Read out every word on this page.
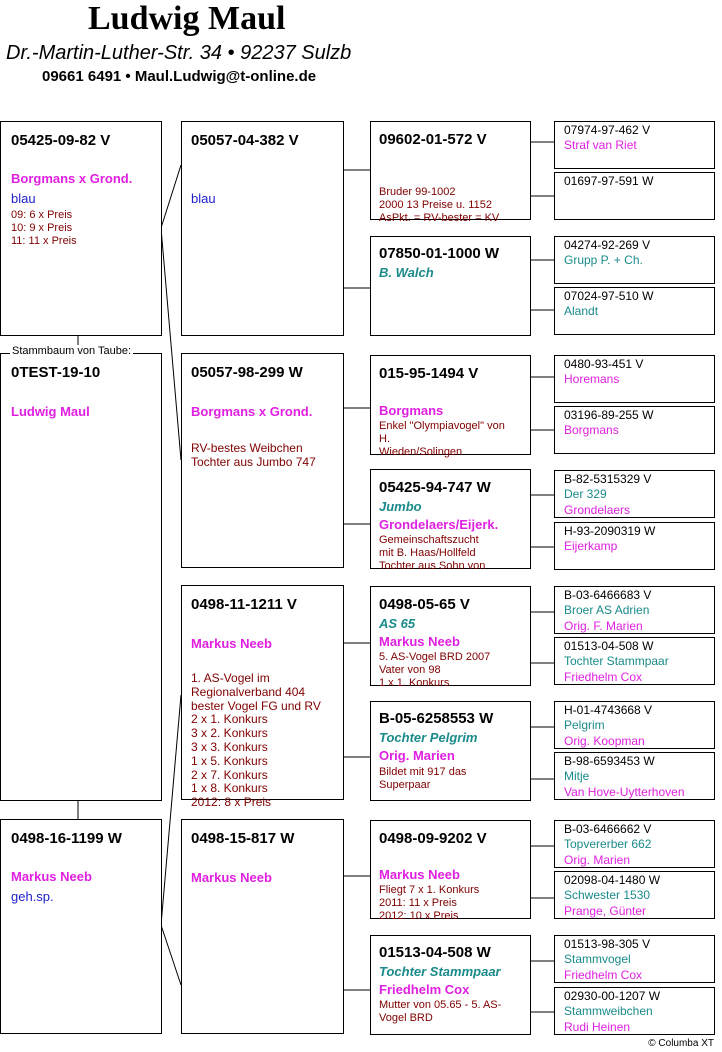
Ludwig Maul
Dr.-Martin-Luther-Str. 34 • 92237 Sulzb
09661 6491 • Maul.Ludwig@t-online.de
0TEST-19-10
Ludwig Maul
Stammbaum von Taube:
05425-09-82 V
Borgmans x Grond.
blau
09: 6 x Preis
10: 9 x Preis
11: 11 x Preis
0498-16-1199 W
Markus Neeb
geh.sp.
05057-04-382 V
blau
05057-98-299 W
Borgmans x Grond.
RV-bestes Weibchen
Tochter aus Jumbo 747
0498-11-1211 V
Markus Neeb
1. AS-Vogel im
Regionalverband 404
bester Vogel FG und RV
2 x 1. Konkurs
3 x 2. Konkurs
3 x 3. Konkurs
1 x 5. Konkurs
2 x 7. Konkurs
1 x 8. Konkurs
2012: 8 x Preis
0498-15-817 W
Markus Neeb
09602-01-572 V
Bruder 99-1002
2000 13 Preise u. 1152
AsPkt. = RV-bester = KV
07850-01-1000 W
B. Walch
015-95-1494 V
Borgmans
Enkel "Olympiavogel" von
H.
Wieden/Solingen
05425-94-747 W
Jumbo
Grondelaers/Eijerk.
Gemeinschaftszucht
mit B. Haas/Hollfeld
Tochter aus Sohn von
0498-05-65 V
AS 65
Markus Neeb
5. AS-Vogel BRD 2007
Vater von 98
1 x 1. Konkurs
B-05-6258553 W
Tochter Pelgrim
Orig. Marien
Bildet mit 917 das
Superpaar
0498-09-9202 V
Markus Neeb
Fliegt 7 x 1. Konkurs
2011: 11 x Preis
2012: 10 x Preis
01513-04-508 W
Tochter Stammpaar
Friedhelm Cox
Mutter von 05.65 - 5. AS-
Vogel BRD
07974-97-462 V
Straf van Riet
01697-97-591 W
04274-92-269 V
Grupp P. + Ch.
07024-97-510 W
Alandt
0480-93-451 V
Horemans
03196-89-255 W
Borgmans
B-82-5315329 V
Der 329
Grondelaers
H-93-2090319 W
Eijerkamp
B-03-6466683 V
Broer AS Adrien
Orig. F. Marien
01513-04-508 W
Tochter Stammpaar
Friedhelm Cox
H-01-4743668 V
Pelgrim
Orig. Koopman
B-98-6593453 W
Mitje
Van Hove-Uytterhoven
B-03-6466662 V
Topvererber 662
Orig. Marien
02098-04-1480 W
Schwester 1530
Prange, Günter
01513-98-305 V
Stammvogel
Friedhelm Cox
02930-00-1207 W
Stammweibchen
Rudi Heinen
© Columba XT
